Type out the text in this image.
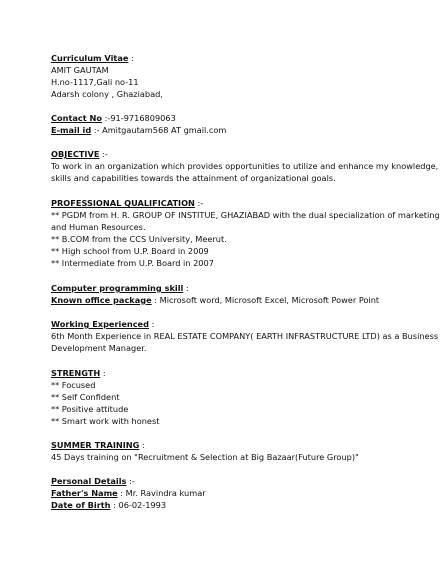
Curriculum Vitae :
AMIT GAUTAM
H.no-1117,Gali no-11
Adarsh colony , Ghaziabad,
Contact No :-91-9716809063
E-mail id :- Amitgautam568 AT gmail.com
OBJECTIVE :-
To work in an organization which provides opportunities to utilize and enhance my knowledge,
skills and capabilities towards the attainment of organizational goals.
PROFESSIONAL QUALIFICATION :-
** PGDM from H. R. GROUP OF INSTITUE, GHAZIABAD with the dual specialization of marketing
and Human Resources.
** B.COM from the CCS University, Meerut.
** High school from U.P. Board in 2009
** Intermediate from U.P. Board in 2007
Computer programming skill :
Known office package : Microsoft word, Microsoft Excel, Microsoft Power Point
Working Experienced :
6th Month Experience in REAL ESTATE COMPANY( EARTH INFRASTRUCTURE LTD) as a Business
Development Manager.
STRENGTH :
** Focused
** Self Confident
** Positive attitude
** Smart work with honest
SUMMER TRAINING :
45 Days training on "Recruitment & Selection at Big Bazaar(Future Group)"
Personal Details :-
Father's Name : Mr. Ravindra kumar
Date of Birth : 06-02-1993
